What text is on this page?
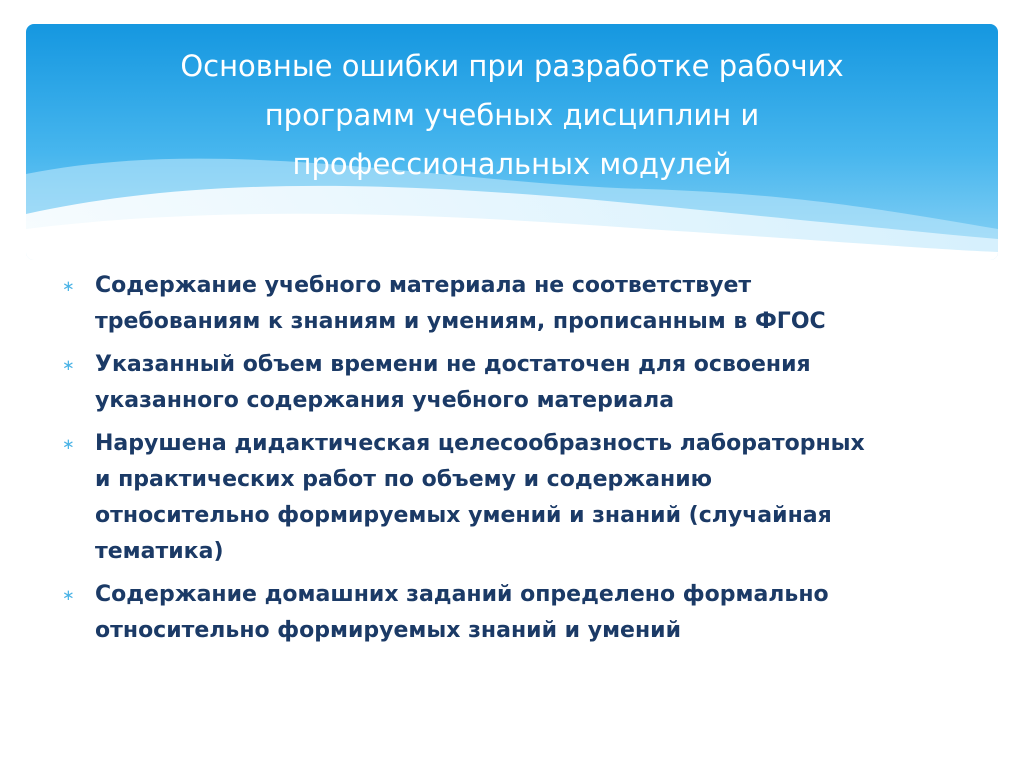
Основные ошибки при разработке рабочих
программ учебных дисциплин и
профессиональных модулей
∗ Содержание учебного материала не соответствует
требованиям к знаниям и умениям, прописанным в ФГОС
∗ Указанный объем времени не достаточен для освоения
указанного содержания учебного материала
∗ Нарушена дидактическая целесообразность лабораторных
и практических работ по объему и содержанию
относительно формируемых умений и знаний (случайная
тематика)
∗ Содержание домашних заданий определено формально
относительно формируемых знаний и умений
